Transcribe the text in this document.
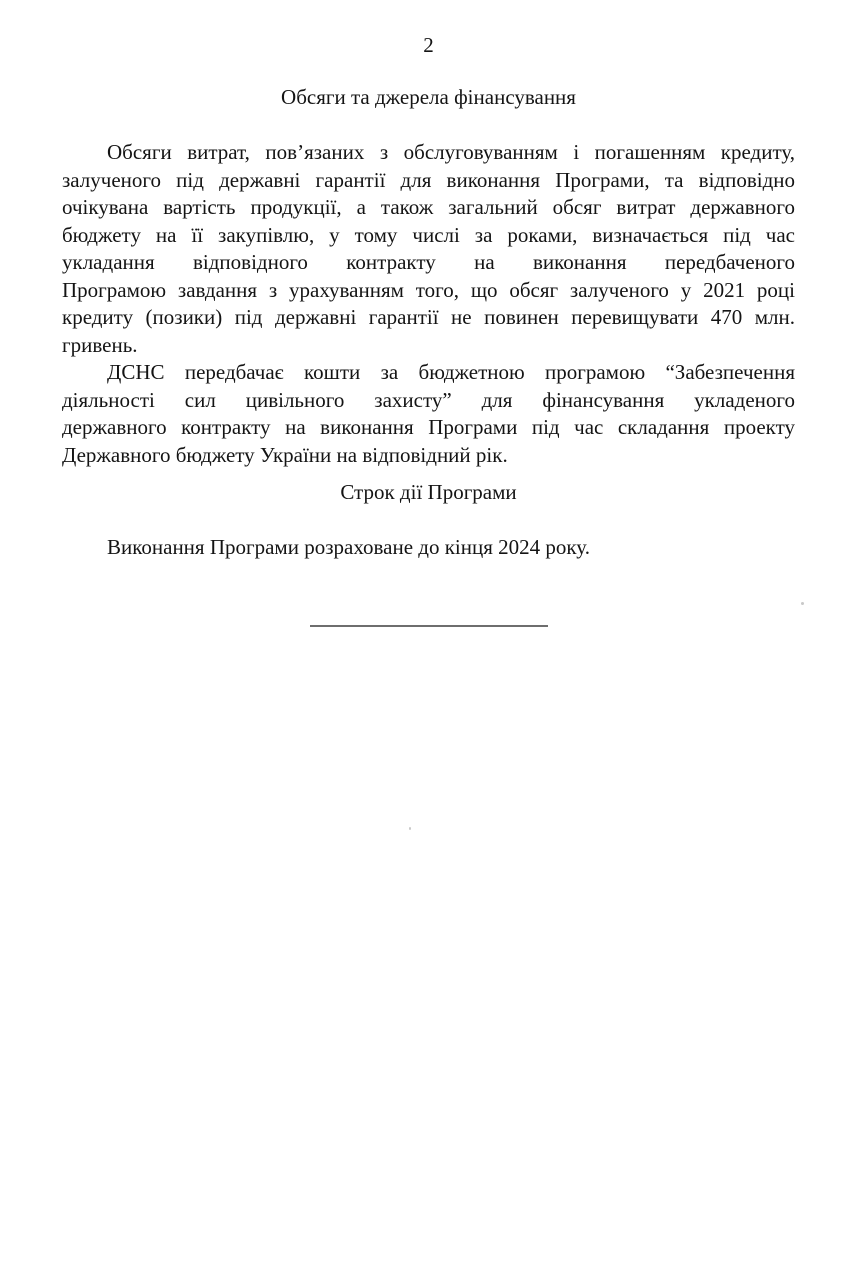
2
Обсяги та джерела фінансування
Обсяги витрат, пов’язаних з обслуговуванням і погашенням кредиту,
залученого під державні гарантії для виконання Програми, та відповідно
очікувана вартість продукції, а також загальний обсяг витрат державного
бюджету на її закупівлю, у тому числі за роками, визначається під час
укладання відповідного контракту на виконання передбаченого
Програмою завдання з урахуванням того, що обсяг залученого у 2021 році
кредиту (позики) під державні гарантії не повинен перевищувати 470 млн.
гривень.
ДСНС передбачає кошти за бюджетною програмою “Забезпечення
діяльності сил цивільного захисту” для фінансування укладеного
державного контракту на виконання Програми під час складання проекту
Державного бюджету України на відповідний рік.
Строк дії Програми
Виконання Програми розраховане до кінця 2024 року.
